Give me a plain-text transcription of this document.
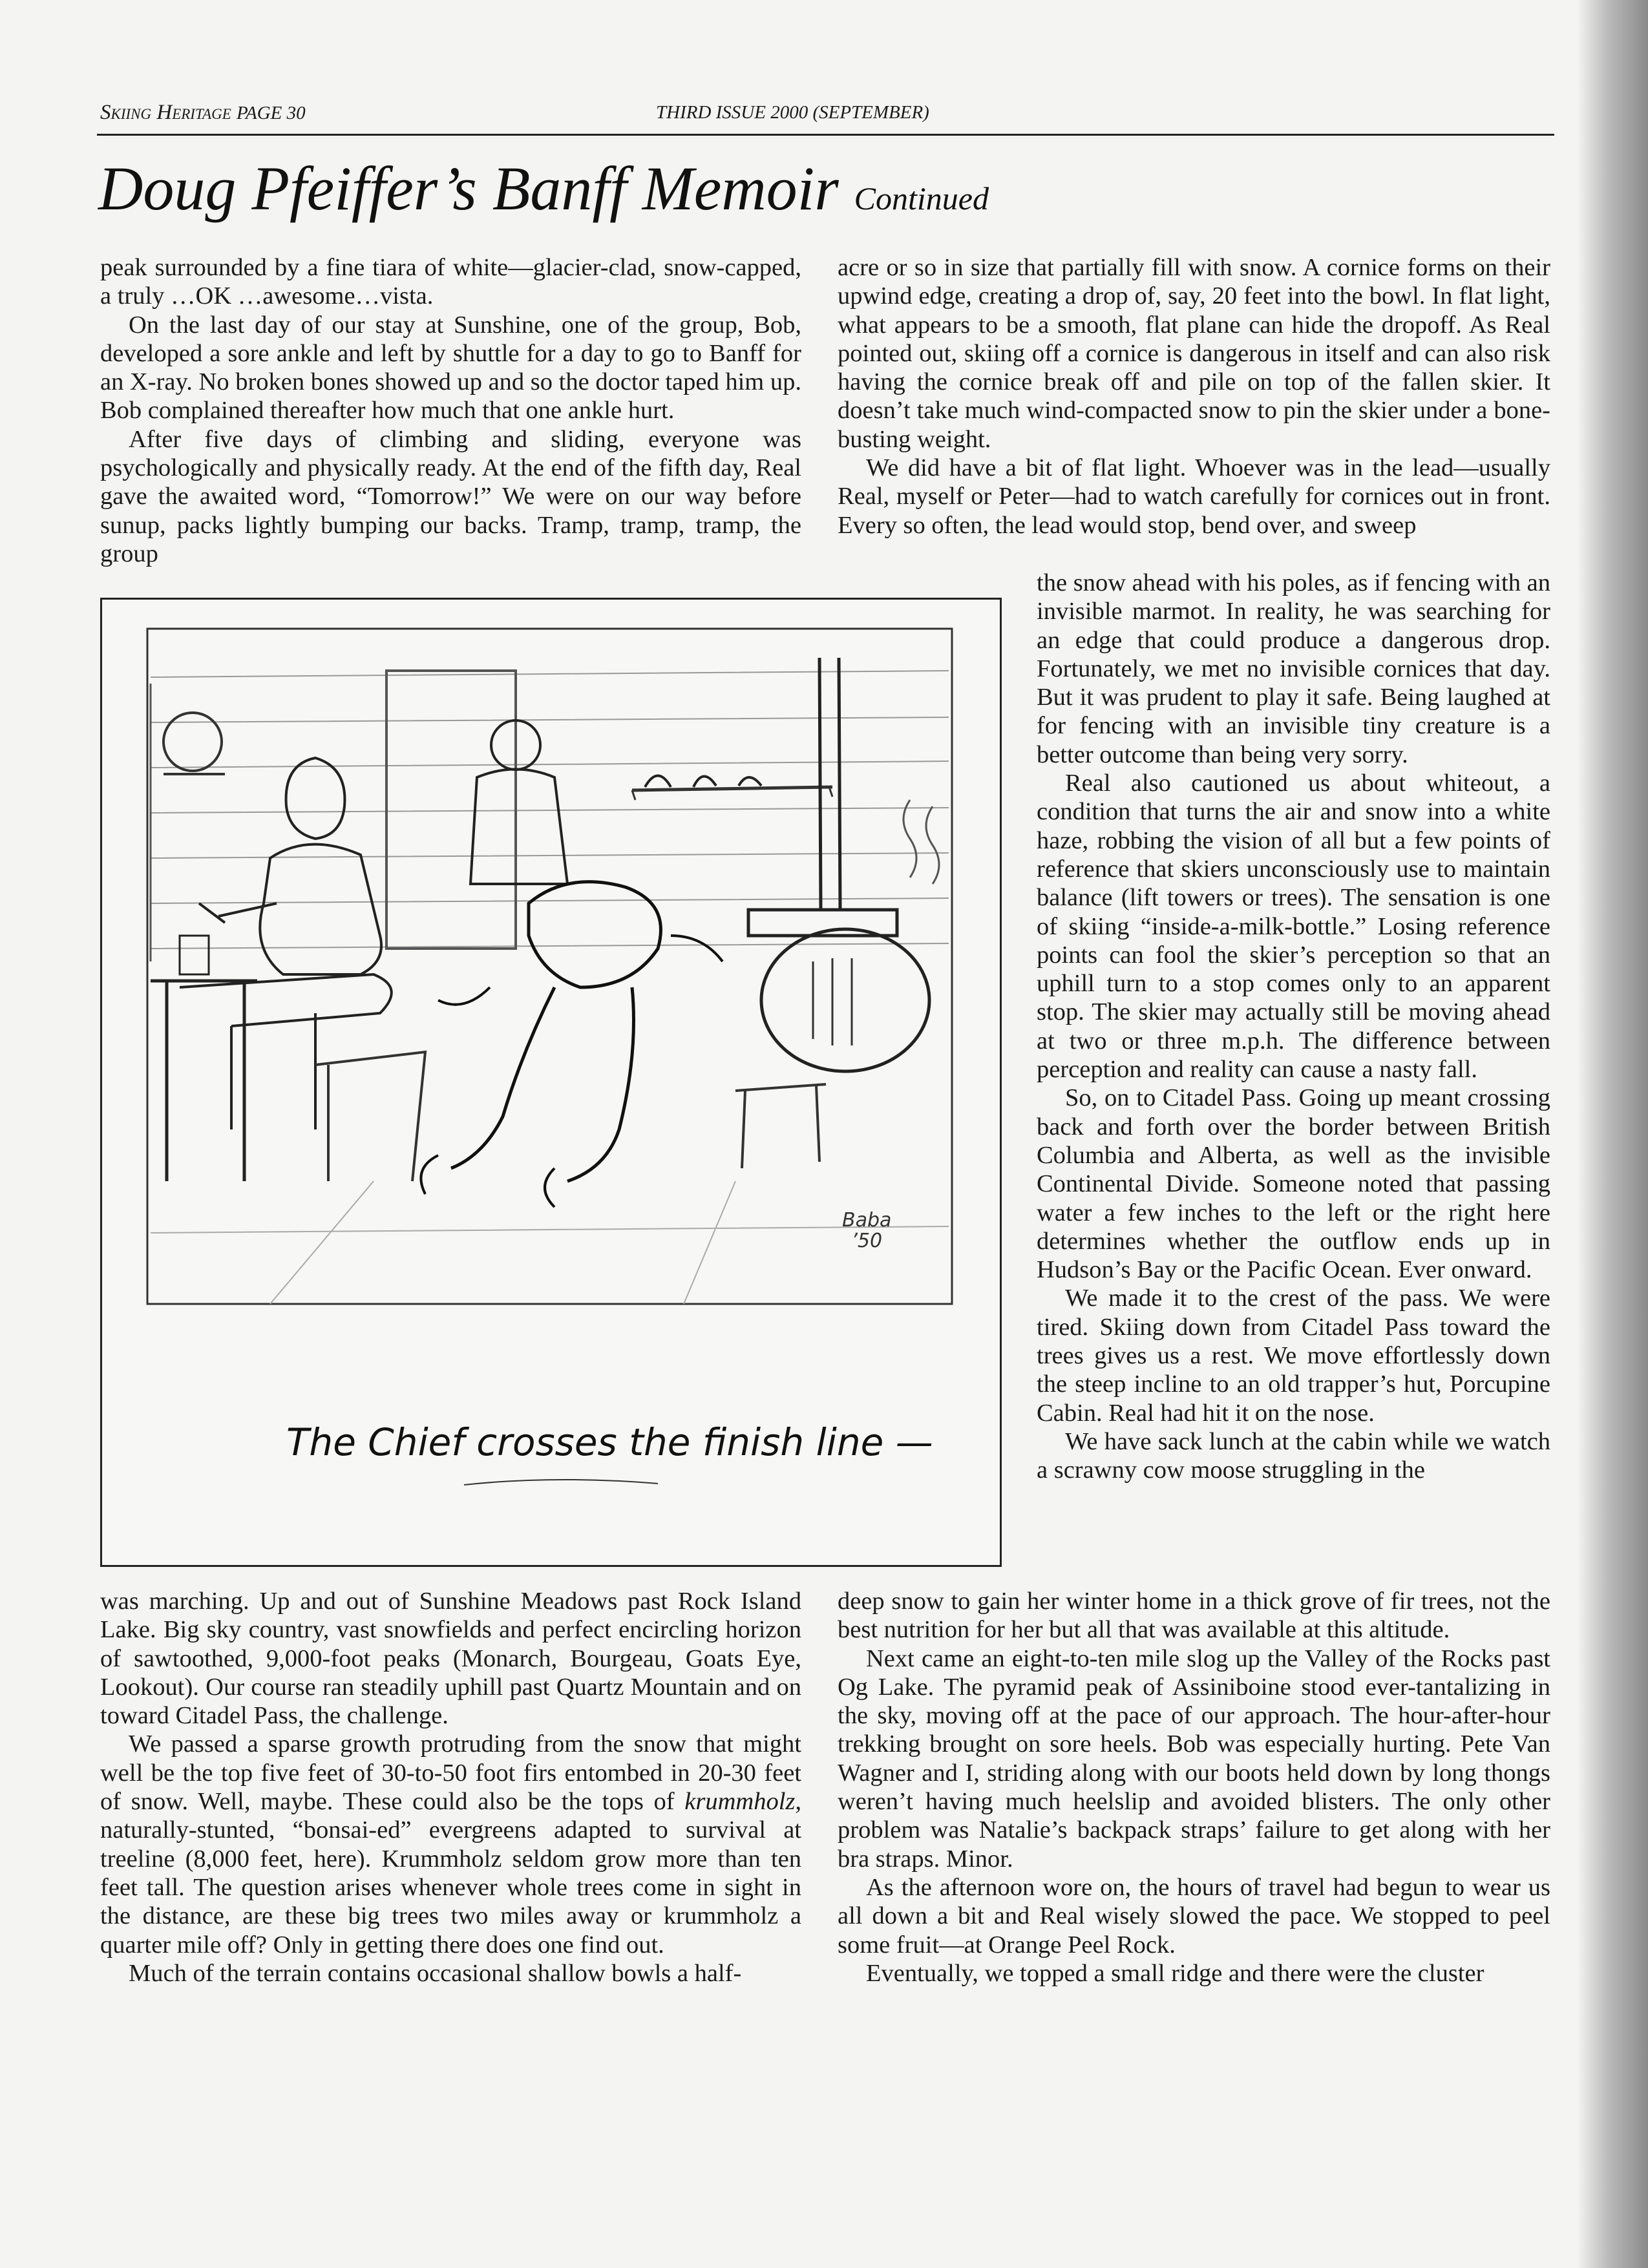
Skiing Heritage PAGE 30	THIRD ISSUE 2000 (SEPTEMBER)
Doug Pfeiffer’s Banff Memoir Continued

peak surrounded by a fine tiara of white—glacier-clad, snow-capped, a truly …OK …awesome…vista.

On the last day of our stay at Sunshine, one of the group, Bob, developed a sore ankle and left by shuttle for a day to go to Banff for an X-ray. No broken bones showed up and so the doctor taped him up. Bob complained thereafter how much that one ankle hurt.

After five days of climbing and sliding, everyone was psychologically and physically ready. At the end of the fifth day, Real gave the awaited word, “Tomorrow!” We were on our way before sunup, packs lightly bumping our backs. Tramp, tramp, tramp, the group

Baba
’50
The Chief crosses the finish line —

was marching. Up and out of Sunshine Meadows past Rock Island Lake. Big sky country, vast snowfields and perfect encircling horizon of sawtoothed, 9,000-foot peaks (Monarch, Bourgeau, Goats Eye, Lookout). Our course ran steadily uphill past Quartz Mountain and on toward Citadel Pass, the challenge.

We passed a sparse growth protruding from the snow that might well be the top five feet of 30-to-50 foot firs entombed in 20-30 feet of snow. Well, maybe. These could also be the tops of krummholz, naturally-stunted, “bonsai-ed” evergreens adapted to survival at treeline (8,000 feet, here). Krummholz seldom grow more than ten feet tall. The question arises whenever whole trees come in sight in the distance, are these big trees two miles away or krummholz a quarter mile off? Only in getting there does one find out.

Much of the terrain contains occasional shallow bowls a half-

acre or so in size that partially fill with snow. A cornice forms on their upwind edge, creating a drop of, say, 20 feet into the bowl. In flat light, what appears to be a smooth, flat plane can hide the dropoff. As Real pointed out, skiing off a cornice is dangerous in itself and can also risk having the cornice break off and pile on top of the fallen skier. It doesn’t take much wind-compacted snow to pin the skier under a bone-busting weight.

We did have a bit of flat light. Whoever was in the lead—usually Real, myself or Peter—had to watch carefully for cornices out in front. Every so often, the lead would stop, bend over, and sweep

the snow ahead with his poles, as if fencing with an invisible marmot. In reality, he was searching for an edge that could produce a dangerous drop. Fortunately, we met no invisible cornices that day. But it was prudent to play it safe. Being laughed at for fencing with an invisible tiny creature is a better outcome than being very sorry.

Real also cautioned us about whiteout, a condition that turns the air and snow into a white haze, robbing the vision of all but a few points of reference that skiers unconsciously use to maintain balance (lift towers or trees). The sensation is one of skiing “inside-a-milk-bottle.” Losing reference points can fool the skier’s perception so that an uphill turn to a stop comes only to an apparent stop. The skier may actually still be moving ahead at two or three m.p.h. The difference between perception and reality can cause a nasty fall.

So, on to Citadel Pass. Going up meant crossing back and forth over the border between British Columbia and Alberta, as well as the invisible Continental Divide. Someone noted that passing water a few inches to the left or the right here determines whether the outflow ends up in Hudson’s Bay or the Pacific Ocean. Ever onward.

We made it to the crest of the pass. We were tired. Skiing down from Citadel Pass toward the trees gives us a rest. We move effortlessly down the steep incline to an old trapper’s hut, Porcupine Cabin. Real had hit it on the nose.

We have sack lunch at the cabin while we watch a scrawny cow moose struggling in the

deep snow to gain her winter home in a thick grove of fir trees, not the best nutrition for her but all that was available at this altitude.

Next came an eight-to-ten mile slog up the Valley of the Rocks past Og Lake. The pyramid peak of Assiniboine stood ever-tantalizing in the sky, moving off at the pace of our approach. The hour-after-hour trekking brought on sore heels. Bob was especially hurting. Pete Van Wagner and I, striding along with our boots held down by long thongs weren’t having much heelslip and avoided blisters. The only other problem was Natalie’s backpack straps’ failure to get along with her bra straps. Minor.

As the afternoon wore on, the hours of travel had begun to wear us all down a bit and Real wisely slowed the pace. We stopped to peel some fruit—at Orange Peel Rock.

Eventually, we topped a small ridge and there were the cluster
